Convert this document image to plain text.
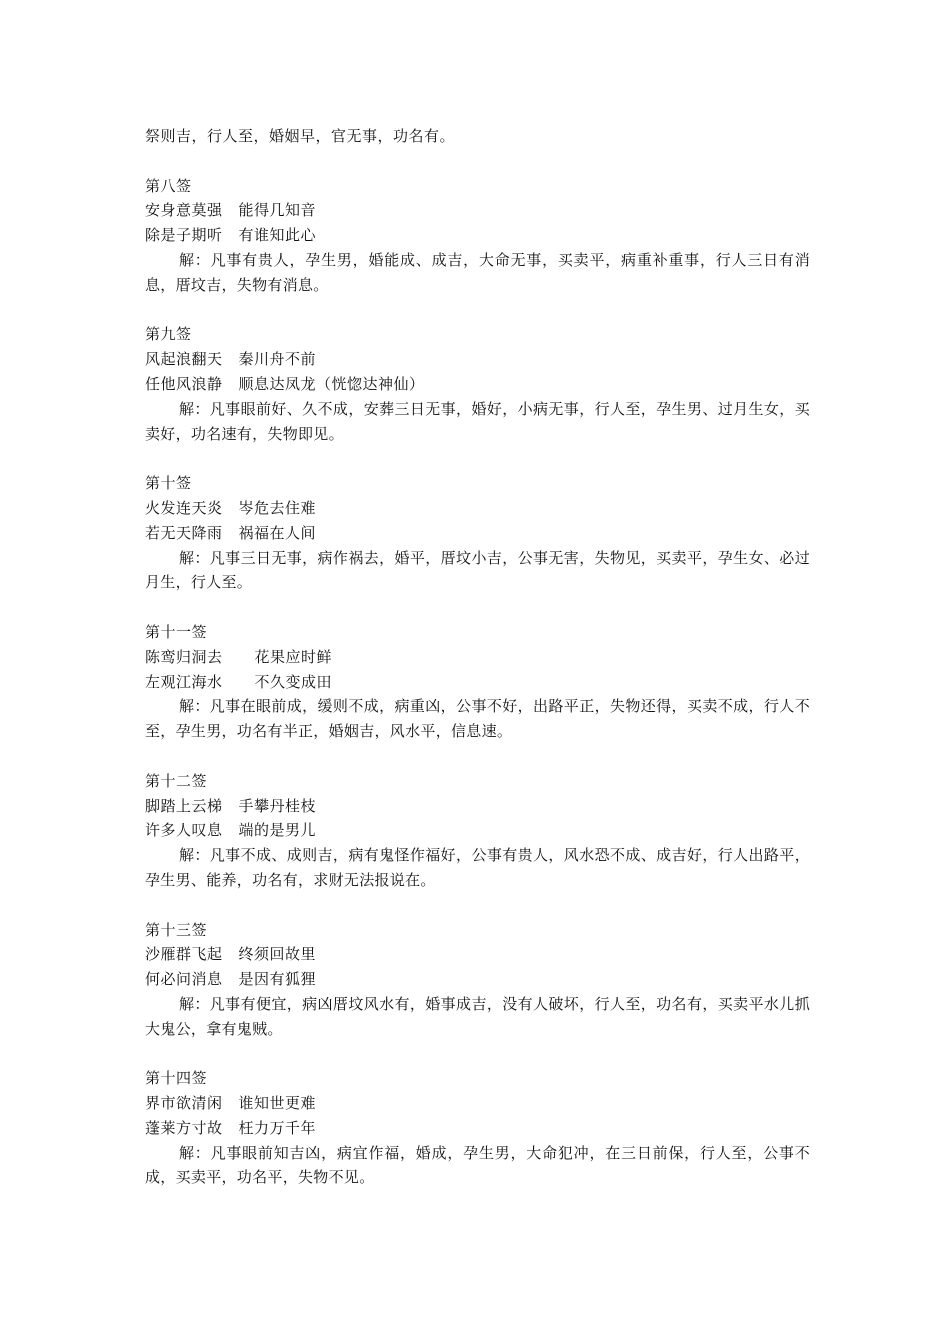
祭则吉，行人至，婚姻早，官无事，功名有。
第八签
安身意莫强 能得几知音
除是子期听 有谁知此心
解：凡事有贵人，孕生男，婚能成、成吉，大命无事，买卖平，病重补重事，行人三日有消息，厝坟吉，失物有消息。
第九签
风起浪翻天 秦川舟不前
任他风浪静 顺息达凤龙（恍惚达神仙）
解：凡事眼前好、久不成，安葬三日无事，婚好，小病无事，行人至，孕生男、过月生女，买卖好，功名速有，失物即见。
第十签
火发连天炎 岑危去住难
若无天降雨 祸福在人间
解：凡事三日无事，病作祸去，婚平，厝坟小吉，公事无害，失物见，买卖平，孕生女、必过月生，行人至。
第十一签
陈鸾归洞去 花果应时鲜
左观江海水 不久变成田
解：凡事在眼前成，缓则不成，病重凶，公事不好，出路平正，失物还得，买卖不成，行人不至，孕生男，功名有半正，婚姻吉，风水平，信息速。
第十二签
脚踏上云梯 手攀丹桂枝
许多人叹息 端的是男儿
解：凡事不成、成则吉，病有鬼怪作福好，公事有贵人，风水恐不成、成吉好，行人出路平，孕生男、能养，功名有，求财无法报说在。
第十三签
沙雁群飞起 终须回故里
何必问消息 是因有狐狸
解：凡事有便宜，病凶厝坟风水有，婚事成吉，没有人破坏，行人至，功名有，买卖平水儿抓大鬼公，拿有鬼贼。
第十四签
界市欲清闲 谁知世更难
蓬莱方寸故 枉力万千年
解：凡事眼前知吉凶，病宜作福，婚成，孕生男，大命犯冲，在三日前保，行人至，公事不成，买卖平，功名平，失物不见。
